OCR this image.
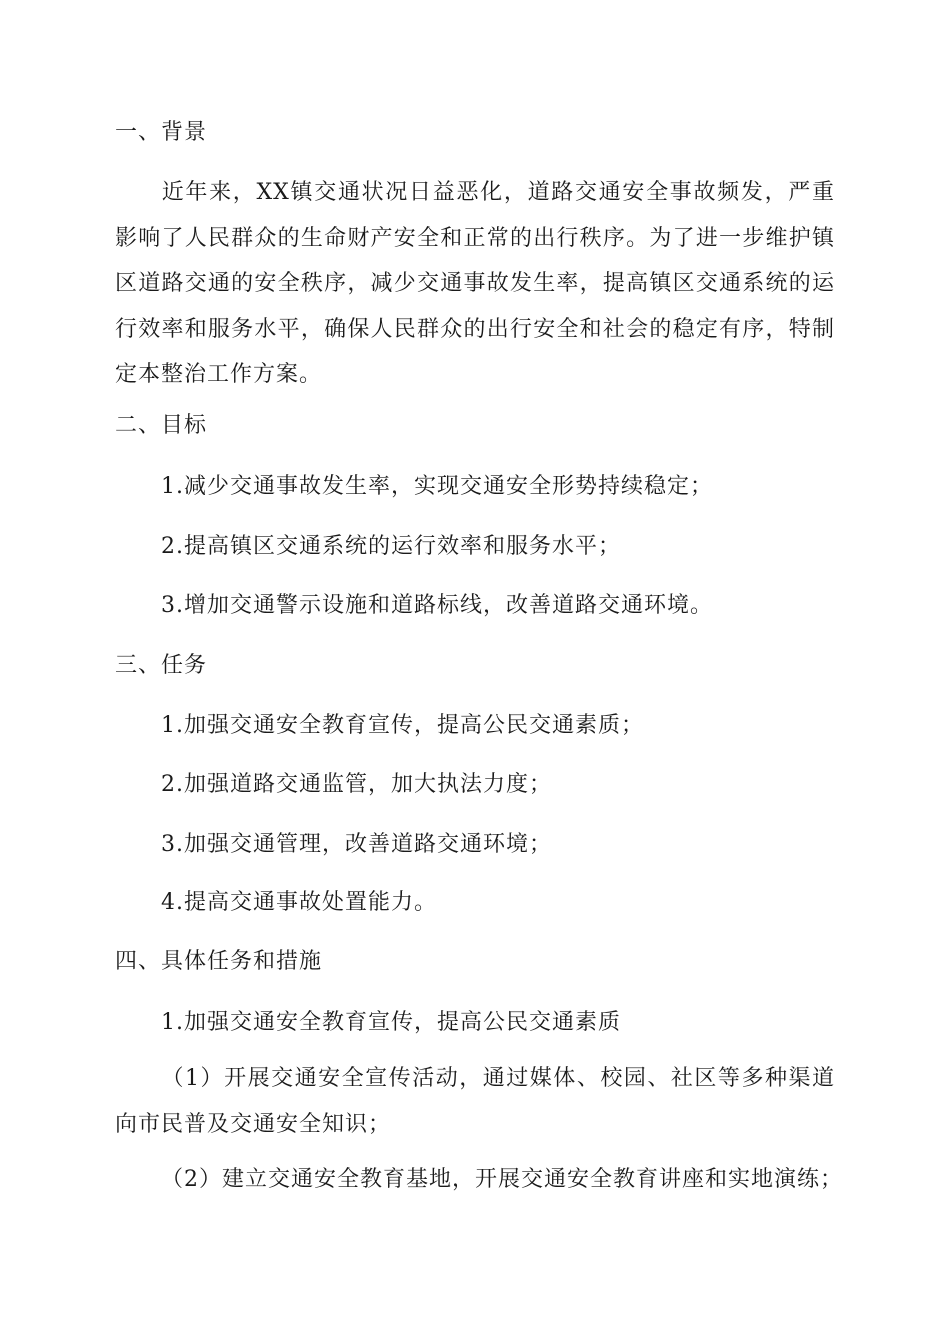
一、背景
近年来，XX镇交通状况日益恶化，道路交通安全事故频发，严重影响了人民群众的生命财产安全和正常的出行秩序。为了进一步维护镇区道路交通的安全秩序，减少交通事故发生率，提高镇区交通系统的运行效率和服务水平，确保人民群众的出行安全和社会的稳定有序，特制定本整治工作方案。
二、目标
1.减少交通事故发生率，实现交通安全形势持续稳定；
2.提高镇区交通系统的运行效率和服务水平；
3.增加交通警示设施和道路标线，改善道路交通环境。
三、任务
1.加强交通安全教育宣传，提高公民交通素质；
2.加强道路交通监管，加大执法力度；
3.加强交通管理，改善道路交通环境；
4.提高交通事故处置能力。
四、具体任务和措施
1.加强交通安全教育宣传，提高公民交通素质
（1）开展交通安全宣传活动，通过媒体、校园、社区等多种渠道向市民普及交通安全知识；
（2）建立交通安全教育基地，开展交通安全教育讲座和实地演练；
